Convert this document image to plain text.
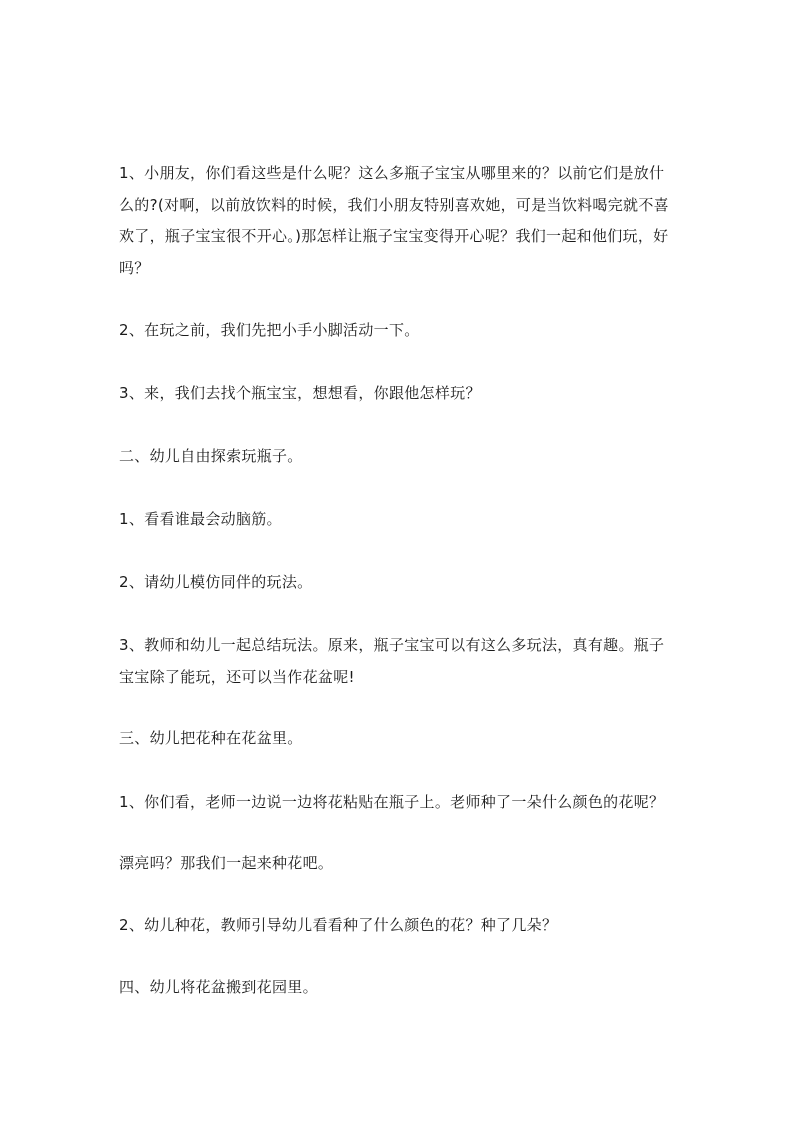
1、小朋友，你们看这些是什么呢？这么多瓶子宝宝从哪里来的？以前它们是放什么的?(对啊，以前放饮料的时候，我们小朋友特别喜欢她，可是当饮料喝完就不喜欢了，瓶子宝宝很不开心。)那怎样让瓶子宝宝变得开心呢？我们一起和他们玩，好吗？

2、在玩之前，我们先把小手小脚活动一下。

3、来，我们去找个瓶宝宝，想想看，你跟他怎样玩？

二、幼儿自由探索玩瓶子。

1、看看谁最会动脑筋。

2、请幼儿模仿同伴的玩法。

3、教师和幼儿一起总结玩法。原来，瓶子宝宝可以有这么多玩法，真有趣。瓶子宝宝除了能玩，还可以当作花盆呢!

三、幼儿把花种在花盆里。

1、你们看，老师一边说一边将花粘贴在瓶子上。老师种了一朵什么颜色的花呢？

漂亮吗？那我们一起来种花吧。

2、幼儿种花，教师引导幼儿看看种了什么颜色的花？种了几朵？

四、幼儿将花盆搬到花园里。
